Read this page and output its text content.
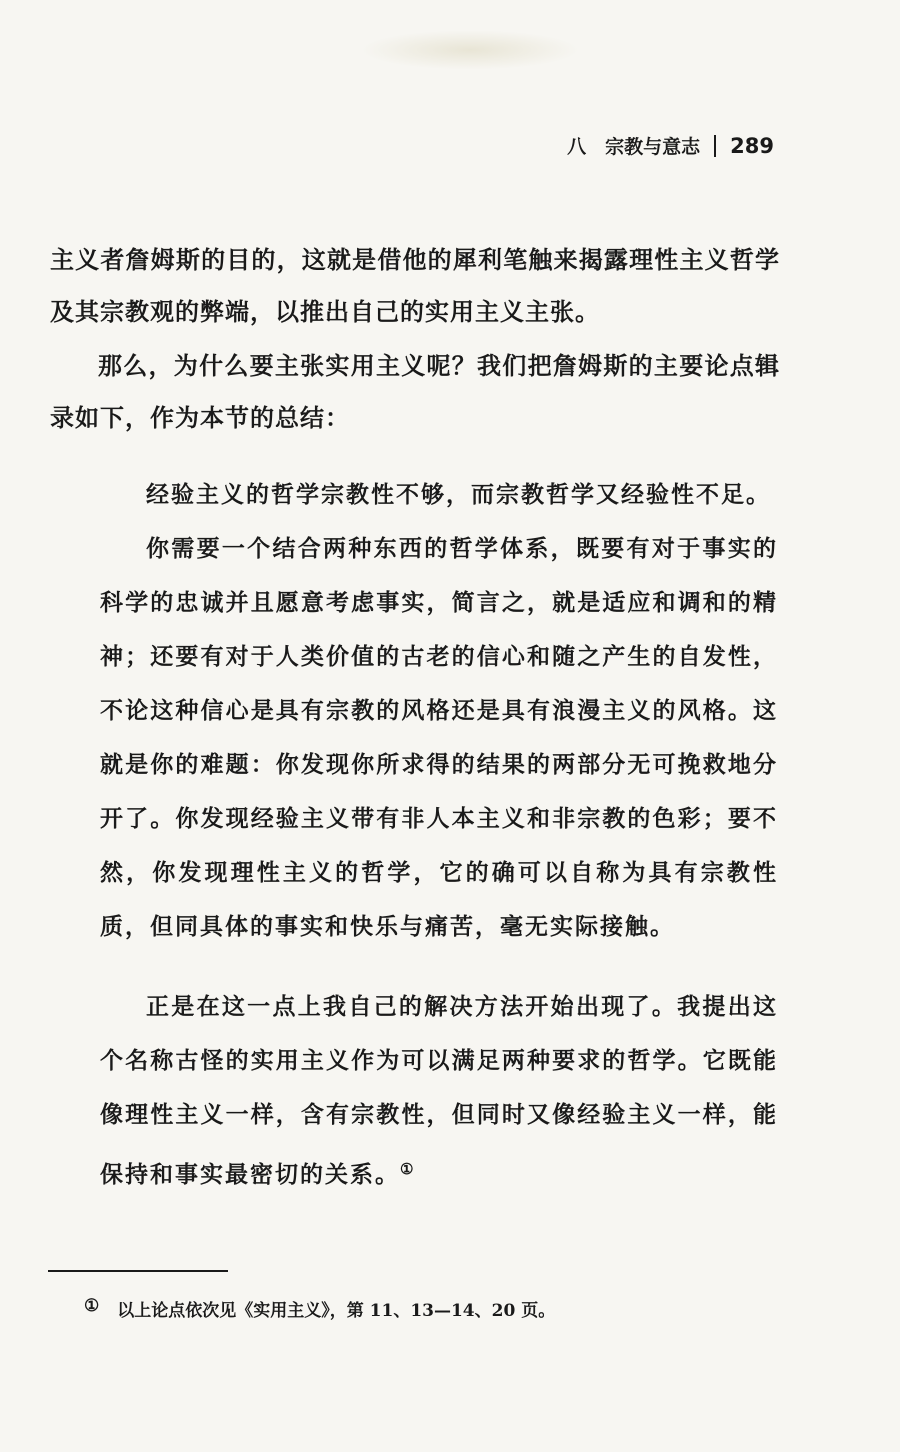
八　宗教与意志 289

主义者詹姆斯的目的，这就是借他的犀利笔触来揭露理性主义哲学及其宗教观的弊端，以推出自己的实用主义主张。

那么，为什么要主张实用主义呢？我们把詹姆斯的主要论点辑录如下，作为本节的总结：

经验主义的哲学宗教性不够，而宗教哲学又经验性不足。

你需要一个结合两种东西的哲学体系，既要有对于事实的科学的忠诚并且愿意考虑事实，简言之，就是适应和调和的精神；还要有对于人类价值的古老的信心和随之产生的自发性，不论这种信心是具有宗教的风格还是具有浪漫主义的风格。这就是你的难题：你发现你所求得的结果的两部分无可挽救地分开了。你发现经验主义带有非人本主义和非宗教的色彩；要不然，你发现理性主义的哲学，它的确可以自称为具有宗教性质，但同具体的事实和快乐与痛苦，毫无实际接触。

正是在这一点上我自己的解决方法开始出现了。我提出这个名称古怪的实用主义作为可以满足两种要求的哲学。它既能像理性主义一样，含有宗教性，但同时又像经验主义一样，能保持和事实最密切的关系。①

① 以上论点依次见《实用主义》，第 11、13—14、20 页。
